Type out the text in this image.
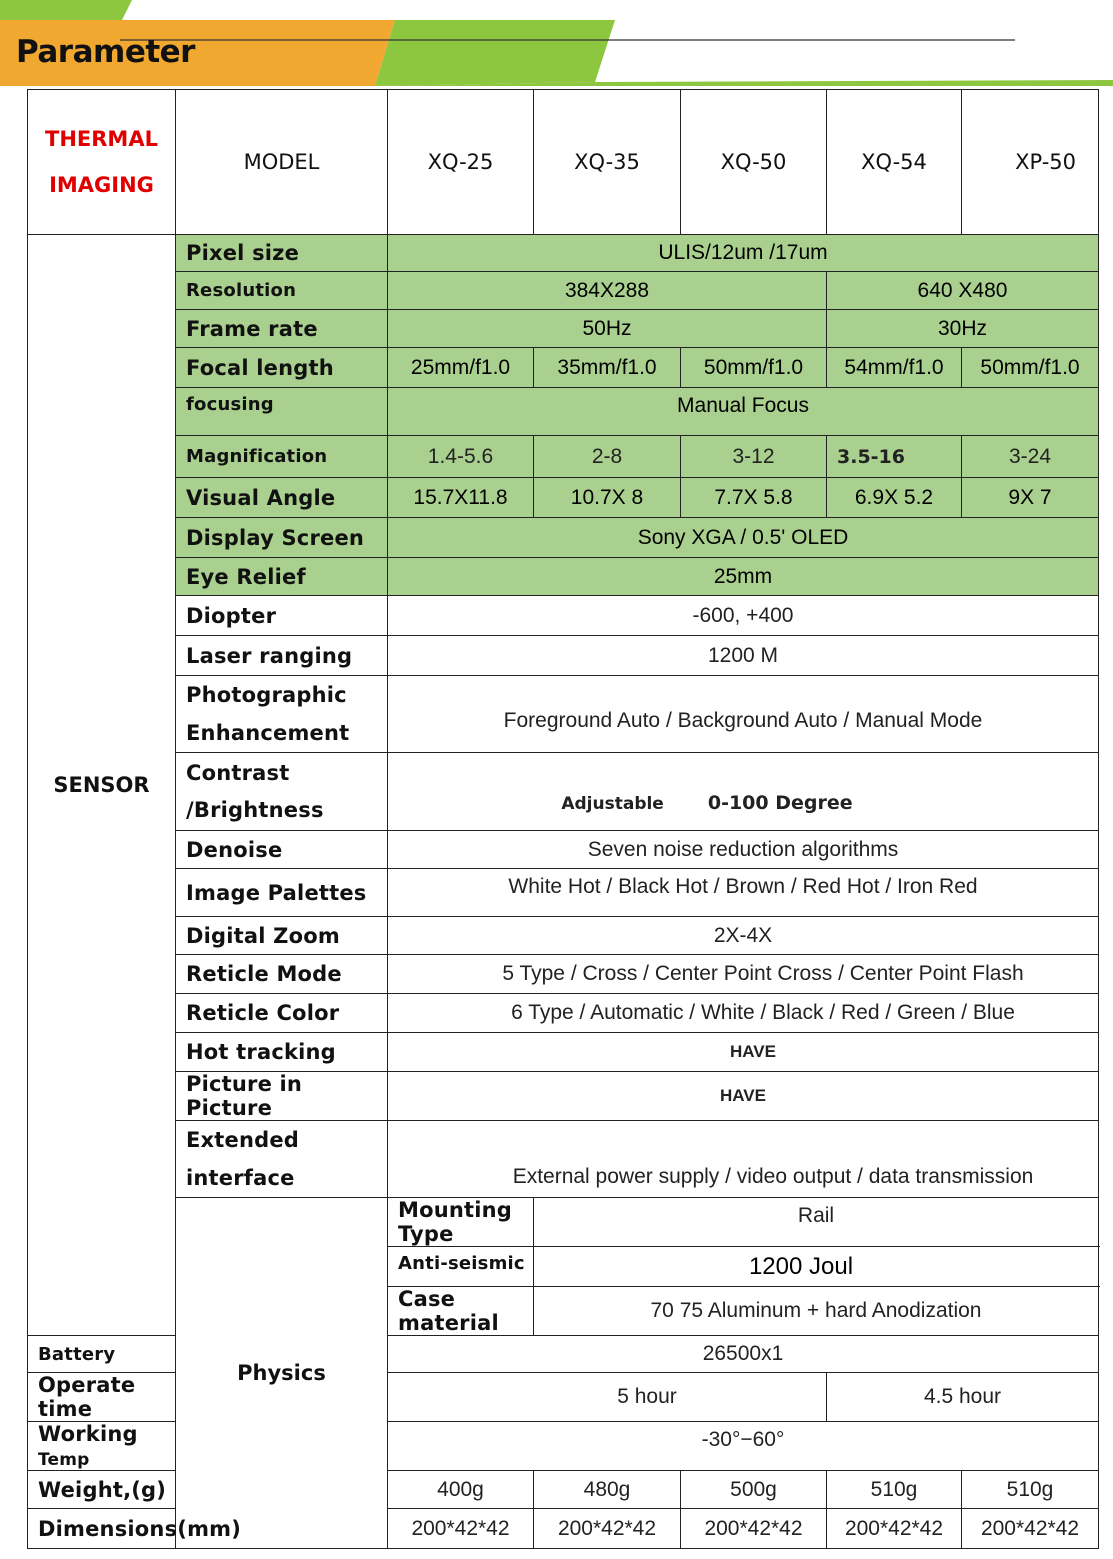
Parameter
THERMAL
IMAGING	MODEL	XQ-25	XQ-35	XQ-50	XQ-54	XP-50
SENSOR	Pixel size	ULIS/12um /17um				
	Resolution	384X288			640 X480	
	Frame rate	50Hz			30Hz	
	Focal length	25mm/f1.0	35mm/f1.0	50mm/f1.0	54mm/f1.0	50mm/f1.0
	focusing	Manual Focus				
	Magnification	1.4-5.6	2-8	3-12	3.5-16	3-24
	Visual Angle	15.7X11.8	10.7X 8	7.7X 5.8	6.9X 5.2	9X 7
	Display Screen	Sony XGA / 0.5' OLED				
	Eye Relief	25mm				
	Diopter	-600, +400				
	Laser ranging	1200 M				
	Photographic
Enhancement	Foreground Auto / Background Auto / Manual Mode				
	Contrast
/Brightness	Adjustable 0-100 Degree				
	Denoise	Seven noise reduction algorithms				
	Image Palettes	White Hot / Black Hot / Brown / Red Hot / Iron Red				
	Digital Zoom	2X-4X				
	Reticle Mode	5 Type / Cross / Center Point Cross / Center Point Flash				
	Reticle Color	6 Type / Automatic / White / Black / Red / Green / Blue				
	Hot tracking	HAVE				
	Picture in Picture	HAVE				
	Extended
interface	External power supply / video output / data transmission				
	Physics	Mounting Type	Rail			
		Anti-seismic	1200 Joul			
		Case material	70 75 Aluminum + hard Anodization			
Battery		26500x1				
Operate time		5 hour			4.5 hour	
Working Temp		-30°−60°				
Weight,(g)		400g	480g	500g	510g	510g
Dimensions(mm)		200*42*42	200*42*42	200*42*42	200*42*42	200*42*42
